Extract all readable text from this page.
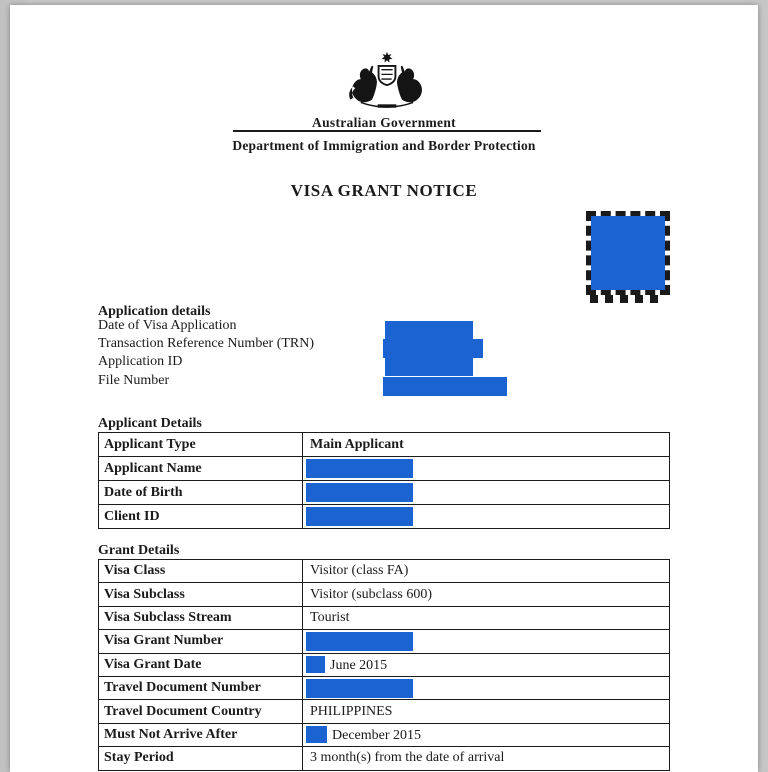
Australian Government
Department of Immigration and Border Protection
VISA GRANT NOTICE
Application details
Date of Visa Application
Transaction Reference Number (TRN)
Application ID
File Number
Applicant Details
Applicant Type	Main Applicant
Applicant Name	

Date of Birth	

Client ID	
Grant Details
Visa Class	Visitor (class FA)
Visa Subclass	Visitor (subclass 600)
Visa Subclass Stream	Tourist
Visa Grant Number	

Visa Grant Date	June 2015
Travel Document Number	

Travel Document Country	PHILIPPINES
Must Not Arrive After	December 2015
Stay Period	3 month(s) from the date of arrival
